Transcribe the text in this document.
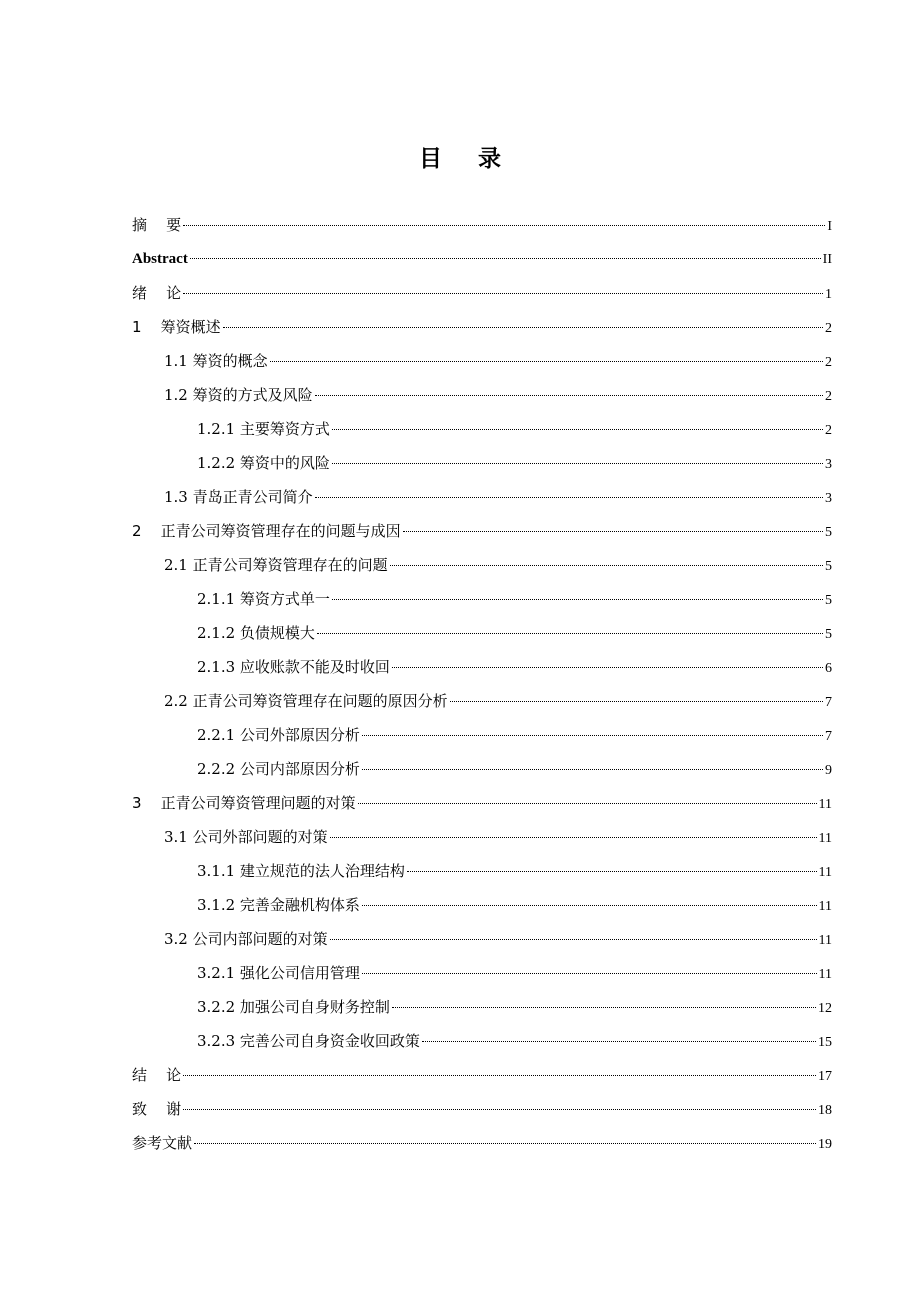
目 录
摘    要	I
Abstract	II
绪    论	1
1    筹资概述	2
1.1 筹资的概念	2
1.2 筹资的方式及风险	2
1.2.1 主要筹资方式	2
1.2.2 筹资中的风险	3
1.3 青岛正青公司简介	3
2    正青公司筹资管理存在的问题与成因	5
2.1 正青公司筹资管理存在的问题	5
2.1.1 筹资方式单一	5
2.1.2 负债规模大	5
2.1.3 应收账款不能及时收回	6
2.2 正青公司筹资管理存在问题的原因分析	7
2.2.1 公司外部原因分析	7
2.2.2 公司内部原因分析	9
3    正青公司筹资管理问题的对策	11
3.1 公司外部问题的对策	11
3.1.1 建立规范的法人治理结构	11
3.1.2 完善金融机构体系	11
3.2 公司内部问题的对策	11
3.2.1 强化公司信用管理	11
3.2.2 加强公司自身财务控制	12
3.2.3 完善公司自身资金收回政策	15
结    论	17
致    谢	18
参考文献	19
